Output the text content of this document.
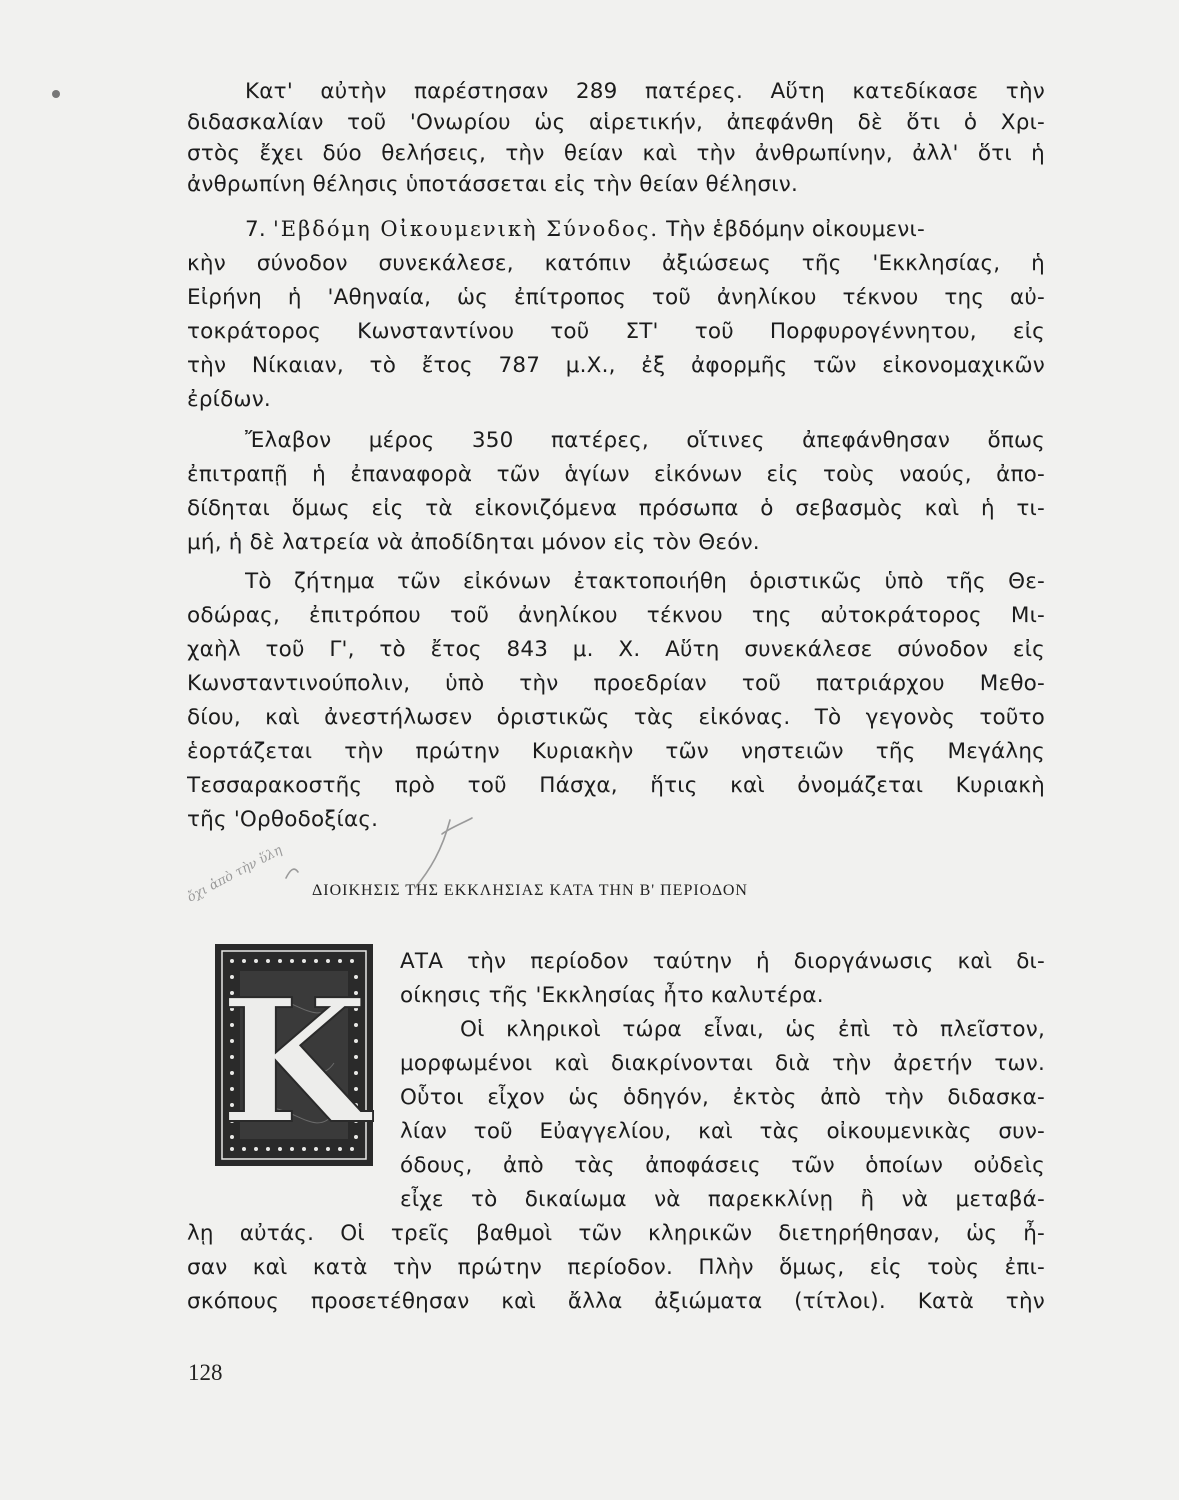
Κατ' αὐτὴν παρέστησαν 289 πατέρες. Αὕτη κατεδίκασε τὴν
διδασκαλίαν τοῦ 'Ονωρίου ὡς αἱρετικήν, ἀπεφάνθη δὲ ὅτι ὁ Χρι-
στὸς ἔχει δύο θελήσεις, τὴν θείαν καὶ τὴν ἀνθρωπίνην, ἀλλ' ὅτι ἡ
ἀνθρωπίνη θέλησις ὑποτάσσεται εἰς τὴν θείαν θέλησιν.
7. 'Εβδόμη Οἰκουμενικὴ Σύνοδος. Τὴν ἑβδόμην οἰκουμενι-
κὴν σύνοδον συνεκάλεσε, κατόπιν ἀξιώσεως τῆς 'Εκκλησίας, ἡ
Εἰρήνη ἡ 'Αθηναία, ὡς ἐπίτροπος τοῦ ἀνηλίκου τέκνου της αὐ-
τοκράτορος Κωνσταντίνου τοῦ ΣΤ' τοῦ Πορφυρογέννητου, εἰς
τὴν Νίκαιαν, τὸ ἔτος 787 μ.Χ., ἐξ ἀφορμῆς τῶν εἰκονομαχικῶν
ἐρίδων.
Ἔλαβον μέρος 350 πατέρες, οἵτινες ἀπεφάνθησαν ὅπως
ἐπιτραπῇ ἡ ἐπαναφορὰ τῶν ἁγίων εἰκόνων εἰς τοὺς ναούς, ἀπο-
δίδηται ὅμως εἰς τὰ εἰκονιζόμενα πρόσωπα ὁ σεβασμὸς καὶ ἡ τι-
μή, ἡ δὲ λατρεία νὰ ἀποδίδηται μόνον εἰς τὸν Θεόν.
Τὸ ζήτημα τῶν εἰκόνων ἐτακτοποιήθη ὁριστικῶς ὑπὸ τῆς Θε-
οδώρας, ἐπιτρόπου τοῦ ἀνηλίκου τέκνου της αὐτοκράτορος Μι-
χαὴλ τοῦ Γ', τὸ ἔτος 843 μ. Χ. Αὕτη συνεκάλεσε σύνοδον εἰς
Κωνσταντινούπολιν, ὑπὸ τὴν προεδρίαν τοῦ πατριάρχου Μεθο-
δίου, καὶ ἀνεστήλωσεν ὁριστικῶς τὰς εἰκόνας. Τὸ γεγονὸς τοῦτο
ἑορτάζεται τὴν πρώτην Κυριακὴν τῶν νηστειῶν τῆς Μεγάλης
Τεσσαρακοστῆς πρὸ τοῦ Πάσχα, ἥτις καὶ ὀνομάζεται Κυριακὴ
τῆς 'Ορθοδοξίας.
ὄχι ἀπὸ τὴν ὕλη ΔΙΟΙΚΗΣΙΣ ΤΗΣ ΕΚΚΛΗΣΙΑΣ ΚΑΤΑ ΤΗΝ Β' ΠΕΡΙΟΔΟΝ
Κ
ΑΤΑ τὴν περίοδον ταύτην ἡ διοργάνωσις καὶ δι-
οίκησις τῆς 'Εκκλησίας ἦτο καλυτέρα.
Οἱ κληρικοὶ τώρα εἶναι, ὡς ἐπὶ τὸ πλεῖστον,
μορφωμένοι καὶ διακρίνονται διὰ τὴν ἀρετήν των.
Οὗτοι εἶχον ὡς ὁδηγόν, ἐκτὸς ἀπὸ τὴν διδασκα-
λίαν τοῦ Εὐαγγελίου, καὶ τὰς οἰκουμενικὰς συν-
όδους, ἀπὸ τὰς ἀποφάσεις τῶν ὁποίων οὐδεὶς
εἶχε τὸ δικαίωμα νὰ παρεκκλίνῃ ἢ νὰ μεταβά-
λῃ αὐτάς. Οἱ τρεῖς βαθμοὶ τῶν κληρικῶν διετηρήθησαν, ὡς ἦ-
σαν καὶ κατὰ τὴν πρώτην περίοδον. Πλὴν ὅμως, εἰς τοὺς ἐπι-
σκόπους προσετέθησαν καὶ ἄλλα ἀξιώματα (τίτλοι). Κατὰ τὴν
128
